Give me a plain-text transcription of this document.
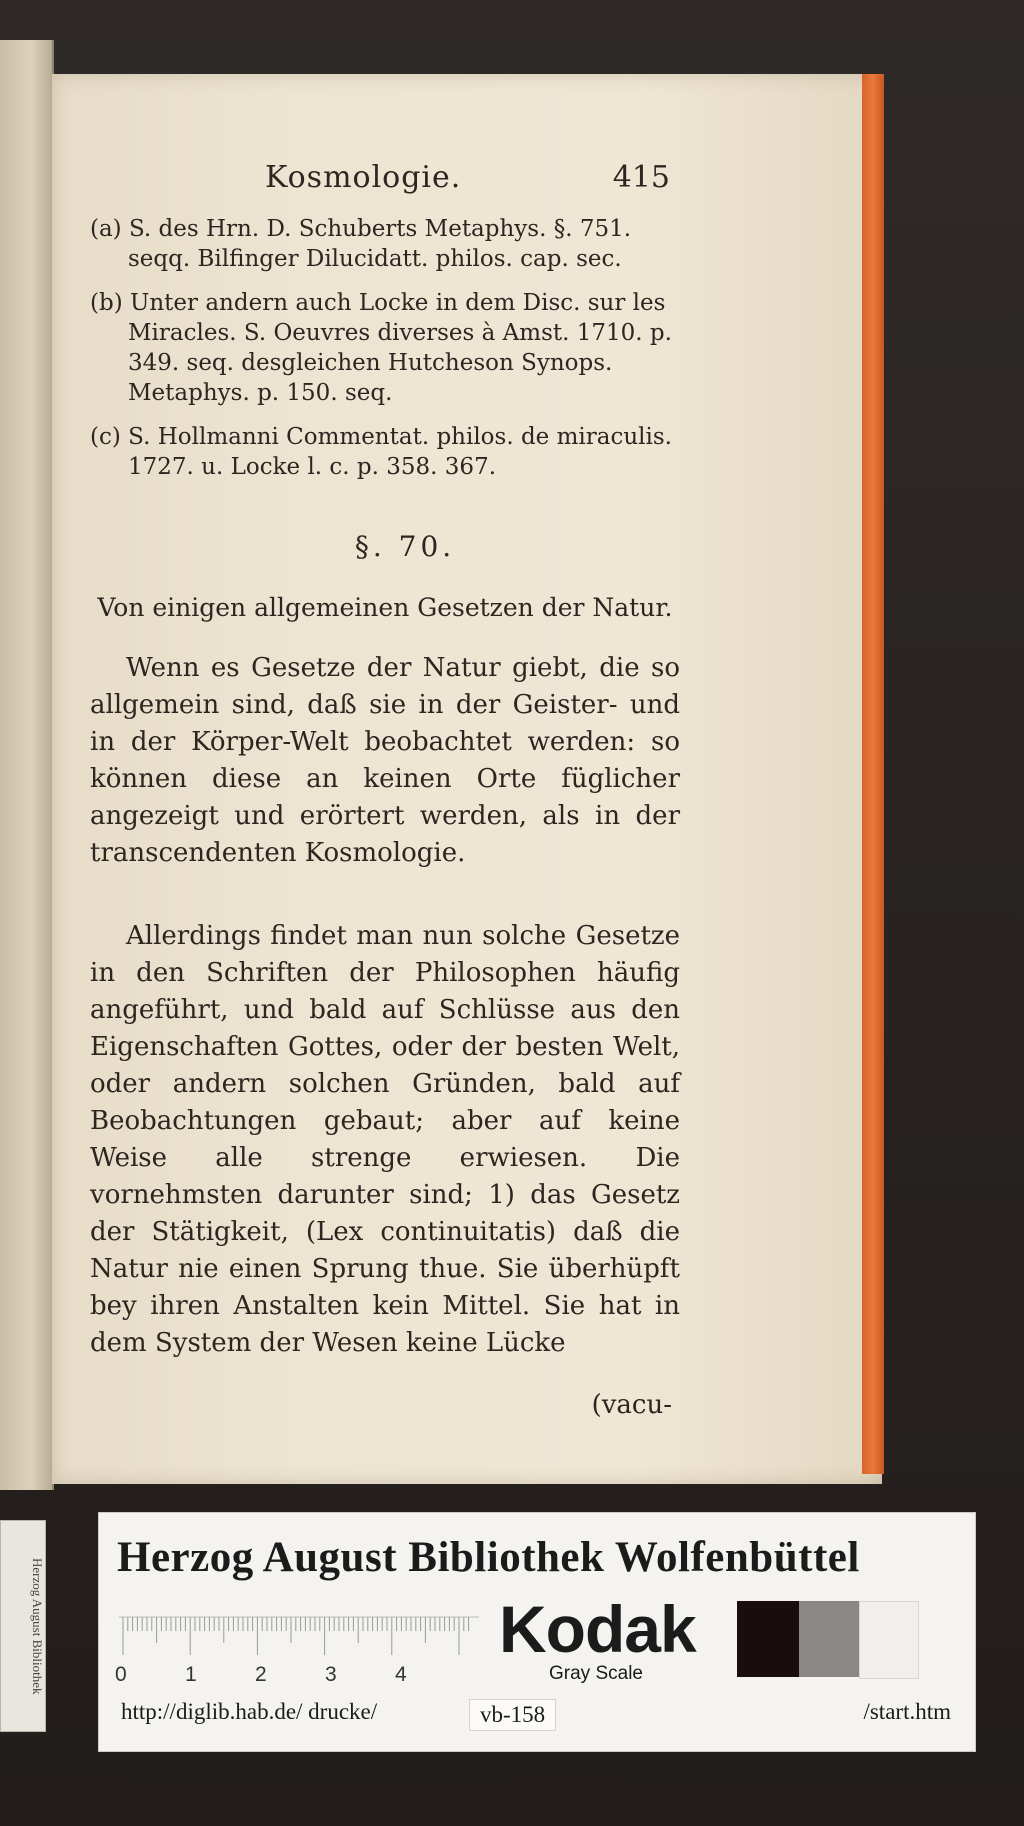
Kosmologie.	415
(a) S. des Hrn. D. Schuberts Metaphys. §. 751. seqq. Bilfinger Dilucidatt. philos. cap. sec.
(b) Unter andern auch Locke in dem Disc. sur les Miracles. S. Oeuvres diverses à Amst. 1710. p. 349. seq. desgleichen Hutcheson Synops. Metaphys. p. 150. seq.
(c) S. Hollmanni Commentat. philos. de miraculis. 1727. u. Locke l. c. p. 358. 367.
§. 70.
Von einigen allgemeinen Gesetzen der Natur.

Wenn es Gesetze der Natur giebt, die so allgemein sind, daß sie in der Geister- und in der Körper-Welt beobachtet werden: so können diese an keinen Orte füglicher angezeigt und erörtert werden, als in der transcendenten Kosmologie.

Allerdings findet man nun solche Gesetze in den Schriften der Philosophen häufig angeführt, und bald auf Schlüsse aus den Eigenschaften Gottes, oder der besten Welt, oder andern solchen Gründen, bald auf Beobachtungen gebaut; aber auf keine Weise alle strenge erwiesen. Die vornehmsten darunter sind; 1) das Gesetz der Stätigkeit, (Lex continuitatis) daß die Natur nie einen Sprung thue. Sie überhüpft bey ihren Anstalten kein Mittel. Sie hat in dem System der Wesen keine Lücke

(vacu-
Herzog August Bibliothek
Herzog August Bibliothek Wolfenbüttel
0	1	2	3	4
Kodak
Gray Scale
http://diglib.hab.de/ drucke/	vb-158	/start.htm
